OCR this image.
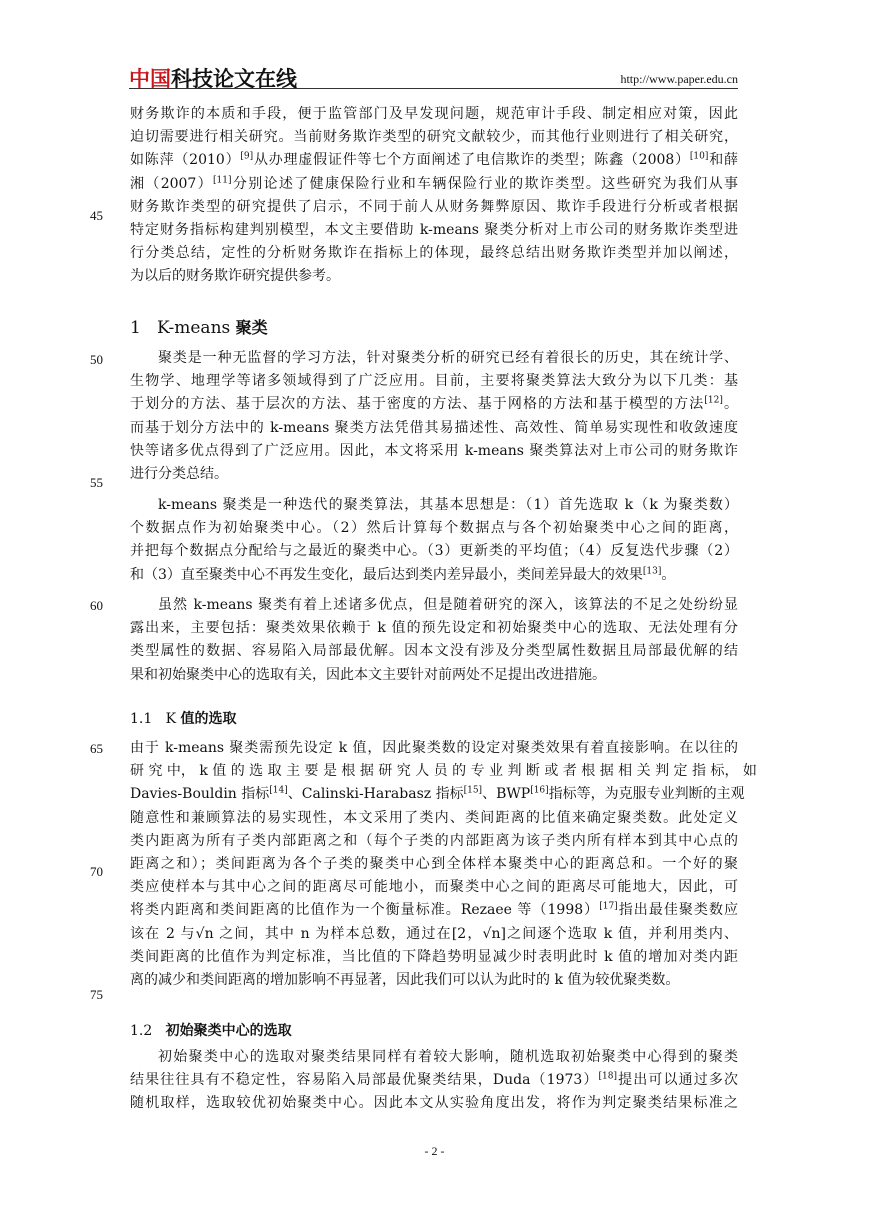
中国科技论文在线	http://www.paper.edu.cn
财务欺诈的本质和手段，便于监管部门及早发现问题，规范审计手段、制定相应对策，因此
迫切需要进行相关研究。当前财务欺诈类型的研究文献较少，而其他行业则进行了相关研究，
如陈萍（2010）[9]从办理虚假证件等七个方面阐述了电信欺诈的类型；陈鑫（2008）[10]和薛
湘（2007）[11]分别论述了健康保险行业和车辆保险行业的欺诈类型。这些研究为我们从事
财务欺诈类型的研究提供了启示，不同于前人从财务舞弊原因、欺诈手段进行分析或者根据
特定财务指标构建判别模型，本文主要借助 k-means 聚类分析对上市公司的财务欺诈类型进
行分类总结，定性的分析财务欺诈在指标上的体现，最终总结出财务欺诈类型并加以阐述，
为以后的财务欺诈研究提供参考。
1 K-means 聚类
聚类是一种无监督的学习方法，针对聚类分析的研究已经有着很长的历史，其在统计学、
生物学、地理学等诸多领域得到了广泛应用。目前，主要将聚类算法大致分为以下几类：基
于划分的方法、基于层次的方法、基于密度的方法、基于网格的方法和基于模型的方法[12]。
而基于划分方法中的 k-means 聚类方法凭借其易描述性、高效性、简单易实现性和收敛速度
快等诸多优点得到了广泛应用。因此，本文将采用 k-means 聚类算法对上市公司的财务欺诈
进行分类总结。
k-means 聚类是一种迭代的聚类算法，其基本思想是：（1）首先选取 k（k 为聚类数）
个数据点作为初始聚类中心。（2）然后计算每个数据点与各个初始聚类中心之间的距离，
并把每个数据点分配给与之最近的聚类中心。（3）更新类的平均值；（4）反复迭代步骤（2）
和（3）直至聚类中心不再发生变化，最后达到类内差异最小，类间差异最大的效果[13]。
虽然 k-means 聚类有着上述诸多优点，但是随着研究的深入，该算法的不足之处纷纷显
露出来，主要包括：聚类效果依赖于 k 值的预先设定和初始聚类中心的选取、无法处理有分
类型属性的数据、容易陷入局部最优解。因本文没有涉及分类型属性数据且局部最优解的结
果和初始聚类中心的选取有关，因此本文主要针对前两处不足提出改进措施。
1.1 K 值的选取
由于 k-means 聚类需预先设定 k 值，因此聚类数的设定对聚类效果有着直接影响。在以往的
研 究 中， k 值 的 选 取 主 要 是 根 据 研 究 人 员 的 专 业 判 断 或 者 根 据 相 关 判 定 指 标， 如
Davies-Bouldin 指标[14]、Calinski-Harabasz 指标[15]、BWP[16]指标等，为克服专业判断的主观
随意性和兼顾算法的易实现性，本文采用了类内、类间距离的比值来确定聚类数。此处定义
类内距离为所有子类内部距离之和（每个子类的内部距离为该子类内所有样本到其中心点的
距离之和）；类间距离为各个子类的聚类中心到全体样本聚类中心的距离总和。一个好的聚
类应使样本与其中心之间的距离尽可能地小，而聚类中心之间的距离尽可能地大，因此，可
将类内距离和类间距离的比值作为一个衡量标准。Rezaee 等（1998）[17]指出最佳聚类数应
该在 2 与√n 之间，其中 n 为样本总数，通过在[2，√n]之间逐个选取 k 值，并利用类内、
类间距离的比值作为判定标准，当比值的下降趋势明显减少时表明此时 k 值的增加对类内距
离的减少和类间距离的增加影响不再显著，因此我们可以认为此时的 k 值为较优聚类数。
1.2 初始聚类中心的选取
初始聚类中心的选取对聚类结果同样有着较大影响，随机选取初始聚类中心得到的聚类
结果往往具有不稳定性，容易陷入局部最优聚类结果，Duda（1973）[18]提出可以通过多次
随机取样，选取较优初始聚类中心。因此本文从实验角度出发，将作为判定聚类结果标准之
45
50
55
60
65
70
75
- 2 -
